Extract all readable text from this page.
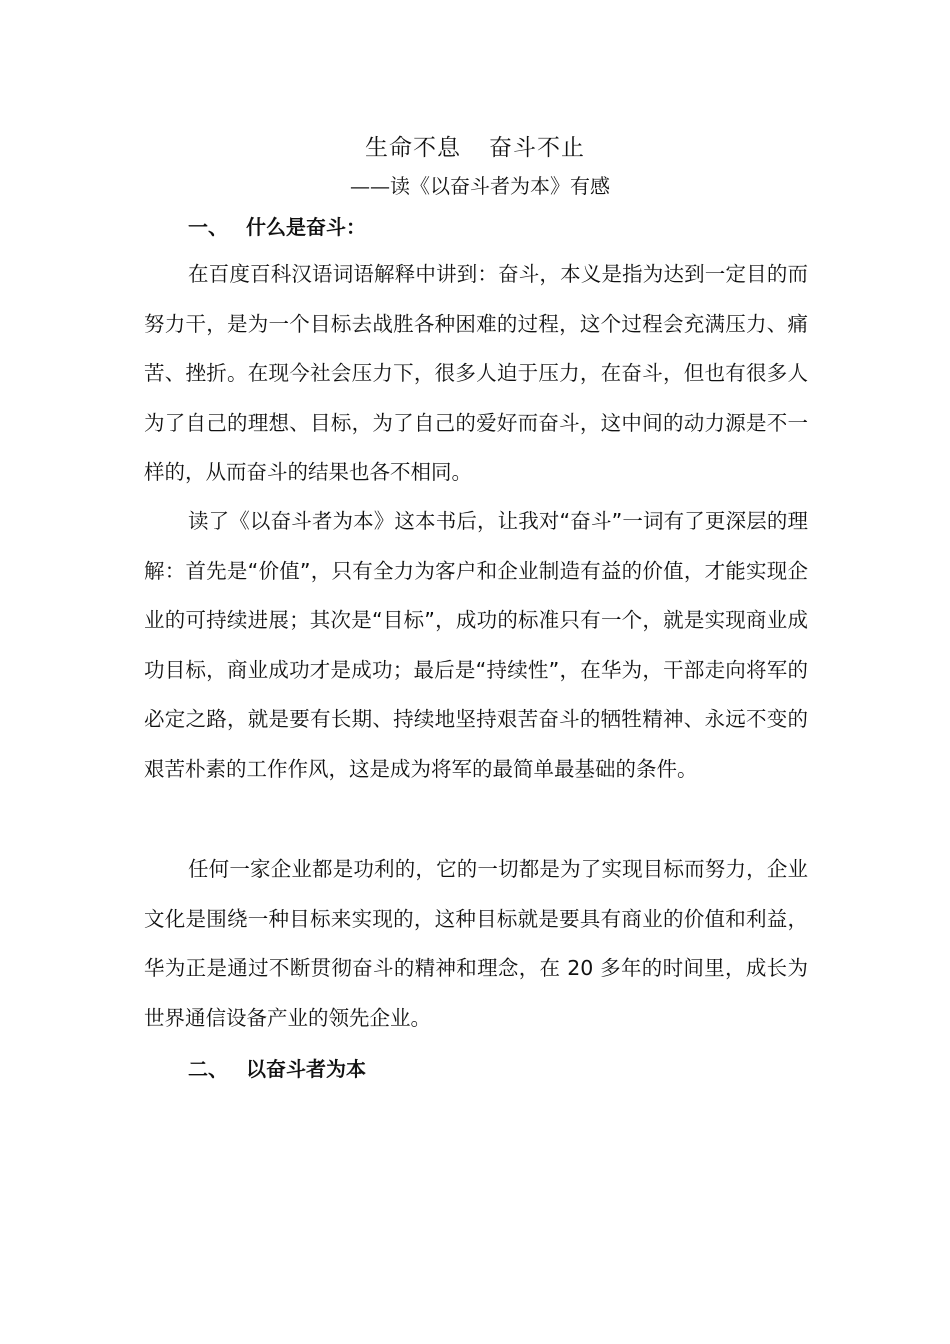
生命不息 奋斗不止
——读《以奋斗者为本》有感
一、 什么是奋斗：

在百度百科汉语词语解释中讲到：奋斗，本义是指为达到一定目的而努力干，是为一个目标去战胜各种困难的过程，这个过程会充满压力、痛苦、挫折。在现今社会压力下，很多人迫于压力，在奋斗，但也有很多人为了自己的理想、目标，为了自己的爱好而奋斗，这中间的动力源是不一样的，从而奋斗的结果也各不相同。

读了《以奋斗者为本》这本书后，让我对“奋斗”一词有了更深层的理解：首先是“价值”，只有全力为客户和企业制造有益的价值，才能实现企业的可持续进展；其次是“目标”，成功的标准只有一个，就是实现商业成功目标，商业成功才是成功；最后是“持续性”，在华为，干部走向将军的必定之路，就是要有长期、持续地坚持艰苦奋斗的牺牲精神、永远不变的艰苦朴素的工作作风，这是成为将军的最简单最基础的条件。

任何一家企业都是功利的，它的一切都是为了实现目标而努力，企业文化是围绕一种目标来实现的，这种目标就是要具有商业的价值和利益，华为正是通过不断贯彻奋斗的精神和理念，在 20 多年的时间里，成长为世界通信设备产业的领先企业。

二、 以奋斗者为本
